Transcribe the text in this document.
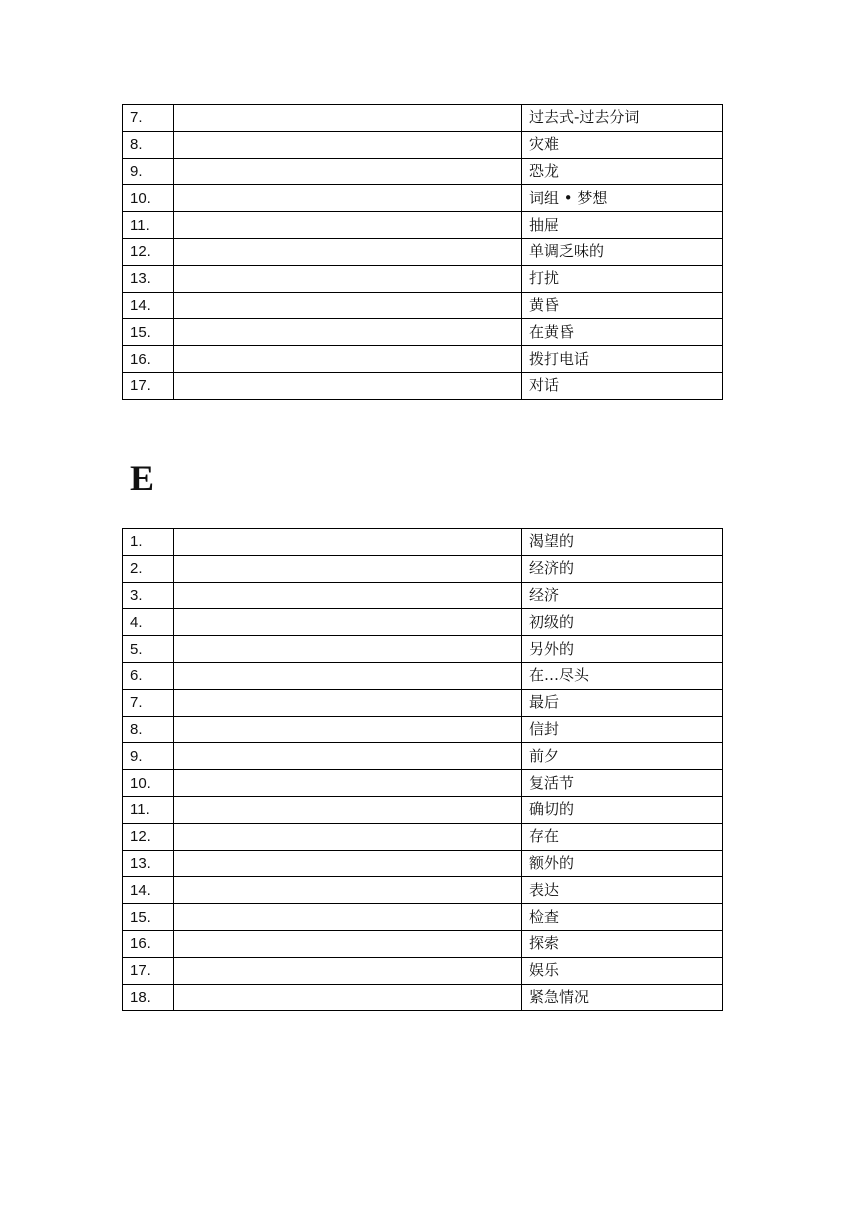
7.		过去式-过去分词
8.		灾难
9.		恐龙
10.		词组 • 梦想
11.		抽屉
12.		单调乏味的
13.		打扰
14.		黄昏
15.		在黄昏
16.		拨打电话
17.		对话
E
1.		渴望的
2.		经济的
3.		经济
4.		初级的
5.		另外的
6.		在…尽头
7.		最后
8.		信封
9.		前夕
10.		复活节
11.		确切的
12.		存在
13.		额外的
14.		表达
15.		检查
16.		探索
17.		娱乐
18.		紧急情况
